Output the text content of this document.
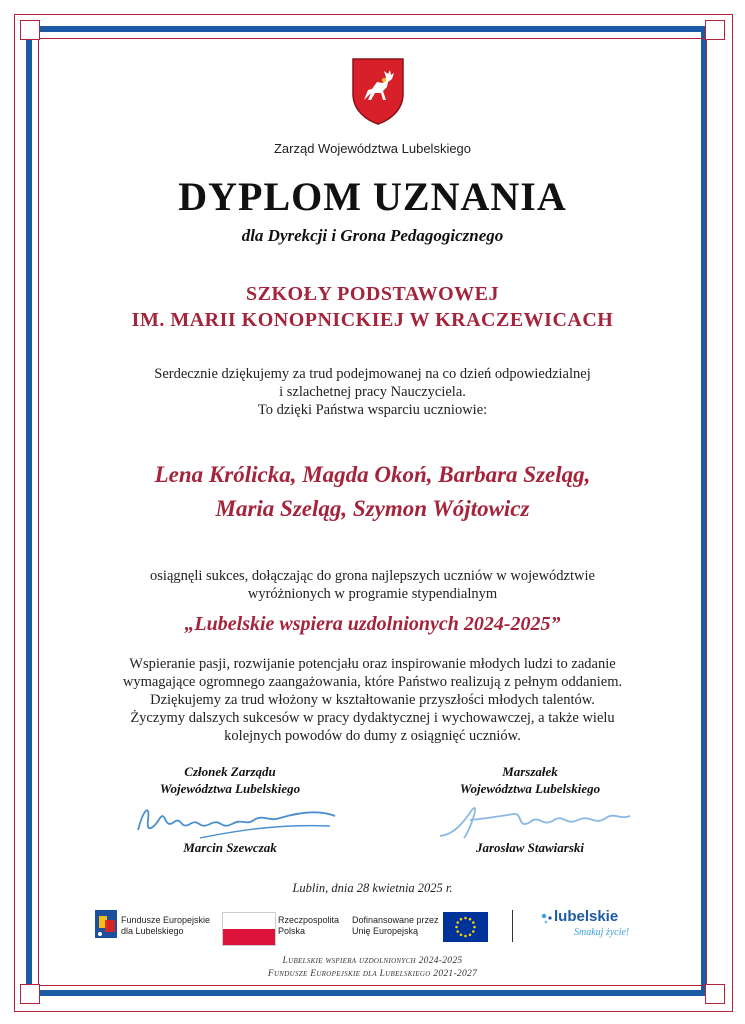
Zarząd Województwa Lubelskiego
DYPLOM UZNANIA
dla Dyrekcji i Grona Pedagogicznego
SZKOŁY PODSTAWOWEJ
IM. MARII KONOPNICKIEJ W KRACZEWICACH
Serdecznie dziękujemy za trud podejmowanej na co dzień odpowiedzialnej
i szlachetnej pracy Nauczyciela.
To dzięki Państwa wsparciu uczniowie:
Lena Królicka, Magda Okoń, Barbara Szeląg,
Maria Szeląg, Szymon Wójtowicz
osiągnęli sukces, dołączając do grona najlepszych uczniów w województwie
wyróżnionych w programie stypendialnym
„Lubelskie wspiera uzdolnionych 2024-2025”
Wspieranie pasji, rozwijanie potencjału oraz inspirowanie młodych ludzi to zadanie
wymagające ogromnego zaangażowania, które Państwo realizują z pełnym oddaniem.
Dziękujemy za trud włożony w kształtowanie przyszłości młodych talentów.
Życzymy dalszych sukcesów w pracy dydaktycznej i wychowawczej, a także wielu
kolejnych powodów do dumy z osiągnięć uczniów.
Członek Zarządu
Województwa Lubelskiego
Marcin Szewczak
Marszałek
Województwa Lubelskiego
Jarosław Stawiarski
Lublin, dnia 28 kwietnia 2025 r.
Fundusze Europejskie
dla Lubelskiego
Rzeczpospolita
Polska
Dofinansowane przez
Unię Europejską
lubelskie
Smakuj życie!
Lubelskie wspiera uzdolnionych 2024-2025
Fundusze Europejskie dla Lubelskiego 2021-2027
